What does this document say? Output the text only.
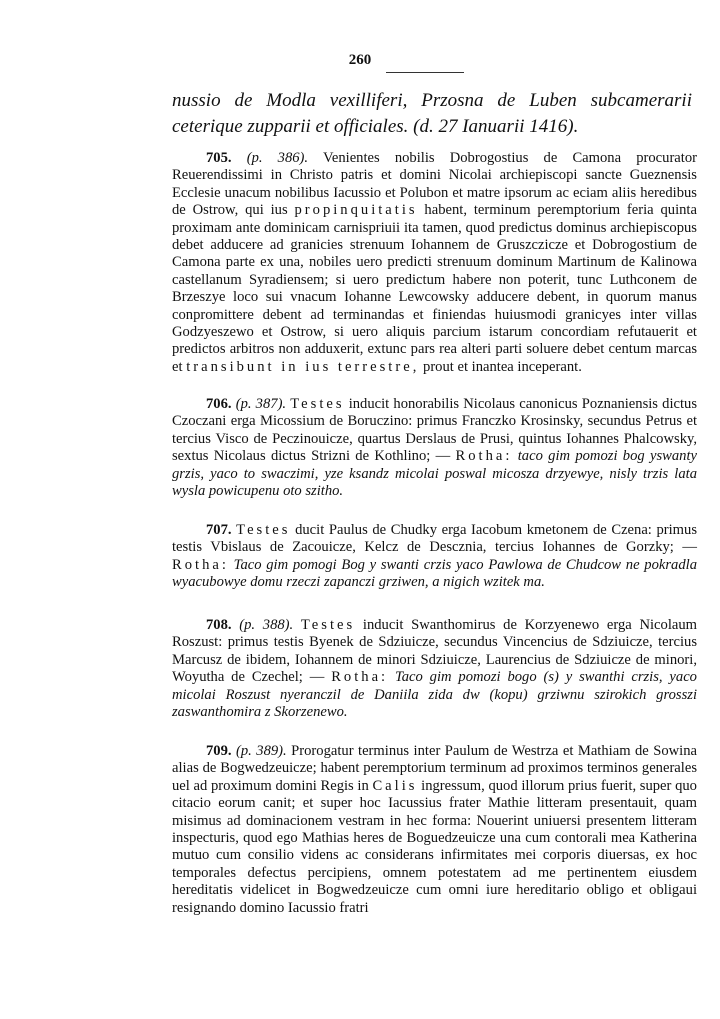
260
nussio de Modla vexilliferi, Przosna de Luben subcamerarii ceterique zupparii et officiales. (d. 27 Ianuarii 1416).

705. (p. 386). Venientes nobilis Dobrogostius de Camona procurator Reuerendissimi in Christo patris et domini Nicolai archiepiscopi sancte Gueznensis Ecclesie unacum nobilibus Iacussio et Polubon et matre ipsorum ac eciam aliis heredibus de Ostrow, qui ius propinquitatis habent, terminum peremptorium feria quinta proximam ante dominicam carnispriuii ita tamen, quod predictus dominus archiepiscopus debet adducere ad granicies strenuum Iohannem de Gruszczicze et Dobrogostium de Camona parte ex una, nobiles uero predicti strenuum dominum Martinum de Kalinowa castellanum Syradiensem; si uero predictum habere non poterit, tunc Luthconem de Brzeszye loco sui vnacum Iohanne Lewcowsky adducere debent, in quorum manus conpromittere debent ad terminandas et finiendas huiusmodi granicyes inter villas Godzyeszewo et Ostrow, si uero aliquis parcium istarum concordiam refutauerit et predictos arbitros non adduxerit, extunc pars rea alteri parti soluere debet centum marcas et transibunt in ius terrestre, prout et inantea inceperant.

706. (p. 387). Testes inducit honorabilis Nicolaus canonicus Poznaniensis dictus Czoczani erga Micossium de Boruczino: primus Franczko Krosinsky, secundus Petrus et tercius Visco de Peczinouicze, quartus Derslaus de Prusi, quintus Iohannes Phalcowsky, sextus Nicolaus dictus Strizni de Kothlino; — Rotha: taco gim pomozi bog yswanty grzis, yaco to swaczimi, yze ksandz micolai poswal micosza drzyewye, nisly trzis lata wysla powicupenu oto szitho.

707. Testes ducit Paulus de Chudky erga Iacobum kmetonem de Czena: primus testis Vbislaus de Zacouicze, Kelcz de Descznia, tercius Iohannes de Gorzky; — Rotha: Taco gim pomogi Bog y swanti crzis yaco Pawlowa de Chudcow ne pokradla wyacubowye domu rzeczi zapanczi grziwen, a nigich wzitek ma.

708. (p. 388). Testes inducit Swanthomirus de Korzyenewo erga Nicolaum Roszust: primus testis Byenek de Sdziuicze, secundus Vincencius de Sdziuicze, tercius Marcusz de ibidem, Iohannem de minori Sdziuicze, Laurencius de Sdziuicze de minori, Woyutha de Czechel; — Rotha: Taco gim pomozi bogo (s) y swanthi crzis, yaco micolai Roszust nyeranczil de Daniila zida dw (kopu) grziwnu szirokich grosszi zaswanthomira z Skorzenewo.

709. (p. 389). Prorogatur terminus inter Paulum de Westrza et Mathiam de Sowina alias de Bogwedzeuicze; habent peremptorium terminum ad proximos terminos generales uel ad proximum domini Regis in Calis ingressum, quod illorum prius fuerit, super quo citacio eorum canit; et super hoc Iacussius frater Mathie litteram presentauit, quam misimus ad dominacionem vestram in hec forma: Nouerint uniuersi presentem litteram inspecturis, quod ego Mathias heres de Boguedzeuicze una cum contorali mea Katherina mutuo cum consilio videns ac considerans infirmitates mei corporis diuersas, ex hoc temporales defectus percipiens, omnem potestatem ad me pertinentem eiusdem hereditatis videlicet in Bogwedzeuicze cum omni iure hereditario obligo et obligaui resignando domino Iacussio fratri
